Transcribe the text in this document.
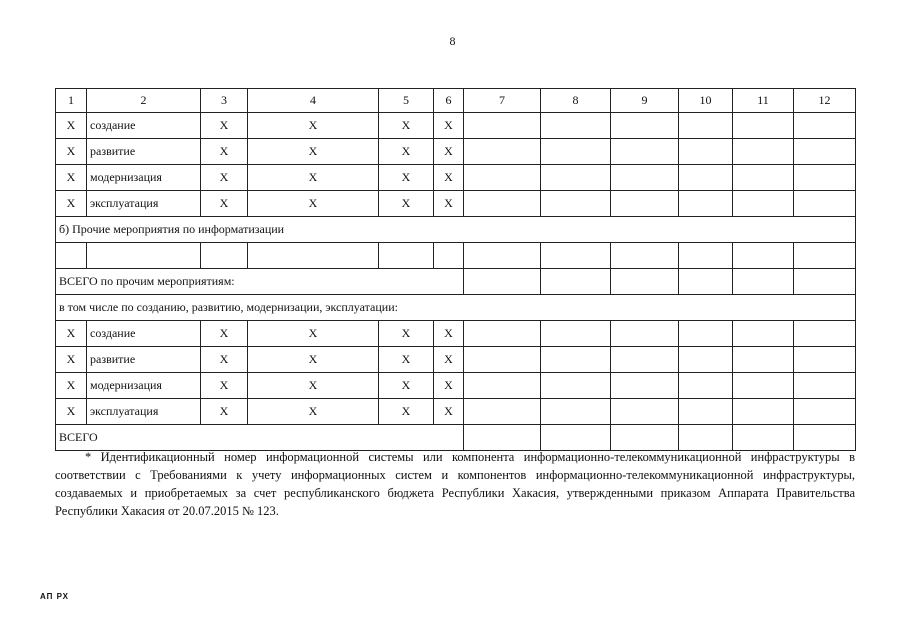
8
1	2	3	4	5	6	7	8	9	10	11	12
X	создание	X	X	X	X						
X	развитие	X	X	X	X						
X	модернизация	X	X	X	X						
X	эксплуатация	X	X	X	X						
б) Прочие мероприятия по информатизации											

ВСЕГО по прочим мероприятиям:											
в том числе по созданию, развитию, модернизации, эксплуатации:											
X	создание	X	X	X	X						
X	развитие	X	X	X	X						
X	модернизация	X	X	X	X						
X	эксплуатация	X	X	X	X						
ВСЕГО											

* Идентификационный номер информационной системы или компонента информационно-телекоммуникационной инфраструктуры в соответствии с Требованиями к учету информационных систем и компонентов информационно-телекоммуникационной инфраструктуры, создаваемых и приобретаемых за счет республиканского бюджета Республики Хакасия, утвержденными приказом Аппарата Правительства Республики Хакасия от 20.07.2015 № 123.

АП РХ
